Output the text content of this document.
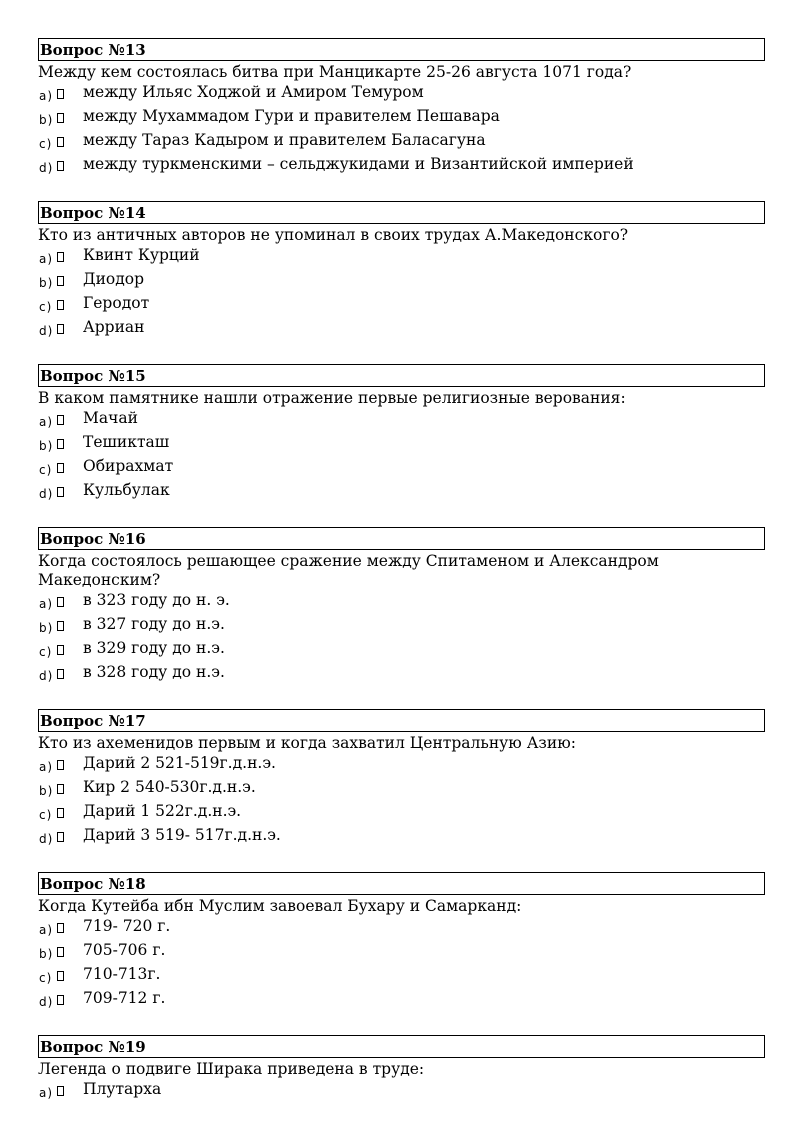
Вопрос №13
Между кем состоялась битва при Манцикарте 25-26 августа 1071 года?
a) между Ильяс Ходжой и Амиром Темуром
b) между Мухаммадом Гури и правителем Пешавара
c) между Тараз Кадыром и правителем Баласагуна
d) между туркменскими – сельджукидами и Византийской империей
Вопрос №14
Кто из античных авторов не упоминал в своих трудах А.Македонского?
a) Квинт Курций
b) Диодор
c) Геродот
d) Арриан
Вопрос №15
В каком памятнике нашли отражение первые религиозные верования:
a) Мачай
b) Тешикташ
c) Обирахмат
d) Кульбулак
Вопрос №16
Когда состоялось решающее сражение между Спитаменом и Александром Македонским?
a) в 323 году до н. э.
b) в 327 году до н.э.
c) в 329 году до н.э.
d) в 328 году до н.э.
Вопрос №17
Кто из ахеменидов первым и когда захватил Центральную Азию:
a) Дарий 2 521-519г.д.н.э.
b) Кир 2 540-530г.д.н.э.
c) Дарий 1 522г.д.н.э.
d) Дарий 3 519- 517г.д.н.э.
Вопрос №18
Когда Кутейба ибн Муслим завоевал Бухару и Самарканд:
a) 719- 720 г.
b) 705-706 г.
c) 710-713г.
d) 709-712 г.
Вопрос №19
Легенда о подвиге Ширака приведена в труде:
a) Плутарха
